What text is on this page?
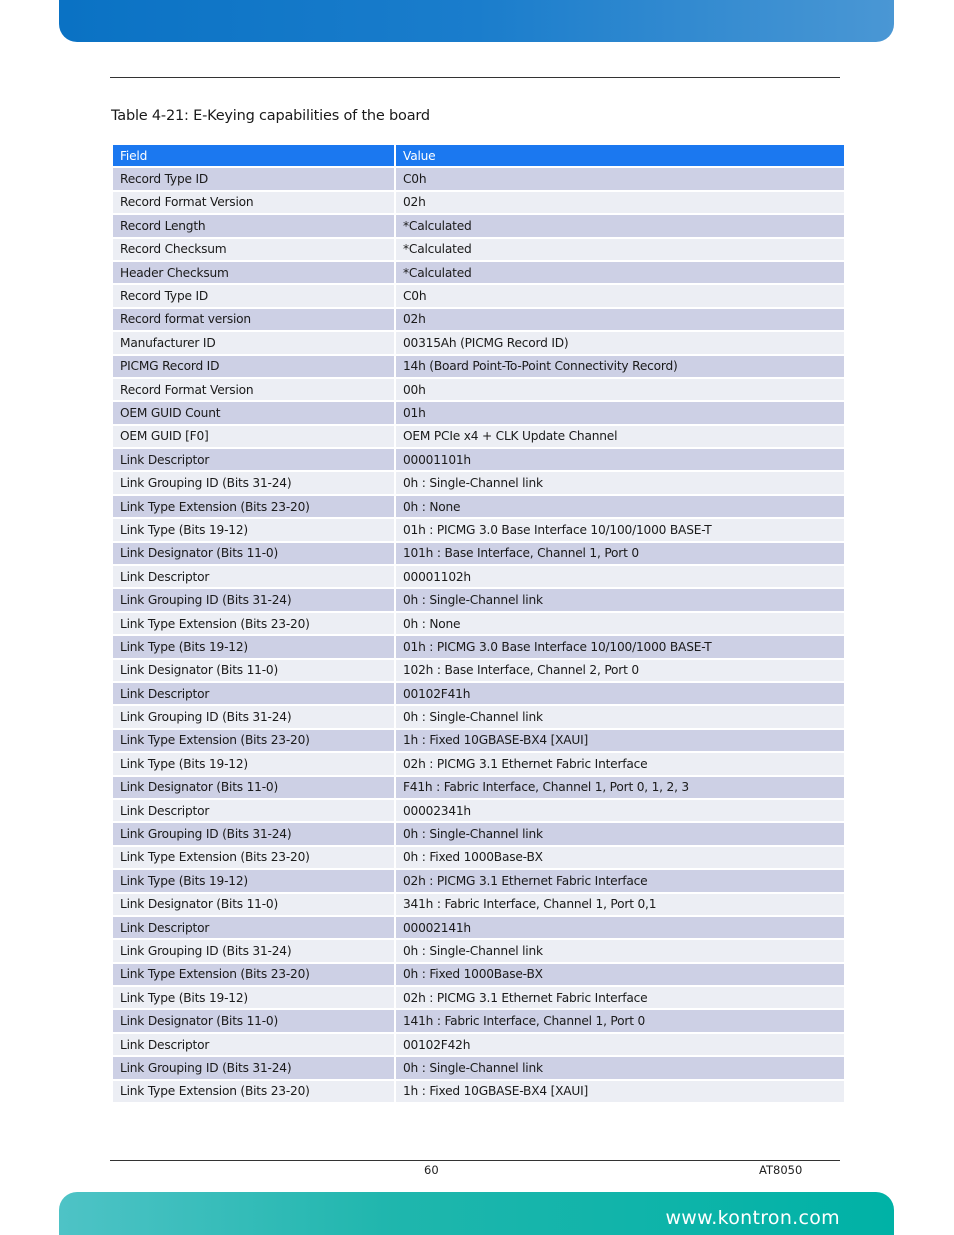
Table 4-21: E-Keying capabilities of the board
Field	Value
Record Type ID	C0h
Record Format Version	02h
Record Length	*Calculated
Record Checksum	*Calculated
Header Checksum	*Calculated
Record Type ID	C0h
Record format version	02h
Manufacturer ID	00315Ah (PICMG Record ID)
PICMG Record ID	14h (Board Point-To-Point Connectivity Record)
Record Format Version	00h
OEM GUID Count	01h
OEM GUID [F0]	OEM PCIe x4 + CLK Update Channel
Link Descriptor	00001101h
Link Grouping ID (Bits 31-24)	0h : Single-Channel link
Link Type Extension (Bits 23-20)	0h : None
Link Type (Bits 19-12)	01h : PICMG 3.0 Base Interface 10/100/1000 BASE-T
Link Designator (Bits 11-0)	101h : Base Interface, Channel 1, Port 0
Link Descriptor	00001102h
Link Grouping ID (Bits 31-24)	0h : Single-Channel link
Link Type Extension (Bits 23-20)	0h : None
Link Type (Bits 19-12)	01h : PICMG 3.0 Base Interface 10/100/1000 BASE-T
Link Designator (Bits 11-0)	102h : Base Interface, Channel 2, Port 0
Link Descriptor	00102F41h
Link Grouping ID (Bits 31-24)	0h : Single-Channel link
Link Type Extension (Bits 23-20)	1h : Fixed 10GBASE-BX4 [XAUI]
Link Type (Bits 19-12)	02h : PICMG 3.1 Ethernet Fabric Interface
Link Designator (Bits 11-0)	F41h : Fabric Interface, Channel 1, Port 0, 1, 2, 3
Link Descriptor	00002341h
Link Grouping ID (Bits 31-24)	0h : Single-Channel link
Link Type Extension (Bits 23-20)	0h : Fixed 1000Base-BX
Link Type (Bits 19-12)	02h : PICMG 3.1 Ethernet Fabric Interface
Link Designator (Bits 11-0)	341h : Fabric Interface, Channel 1, Port 0,1
Link Descriptor	00002141h
Link Grouping ID (Bits 31-24)	0h : Single-Channel link
Link Type Extension (Bits 23-20)	0h : Fixed 1000Base-BX
Link Type (Bits 19-12)	02h : PICMG 3.1 Ethernet Fabric Interface
Link Designator (Bits 11-0)	141h : Fabric Interface, Channel 1, Port 0
Link Descriptor	00102F42h
Link Grouping ID (Bits 31-24)	0h : Single-Channel link
Link Type Extension (Bits 23-20)	1h : Fixed 10GBASE-BX4 [XAUI]
60	AT8050
www.kontron.com
